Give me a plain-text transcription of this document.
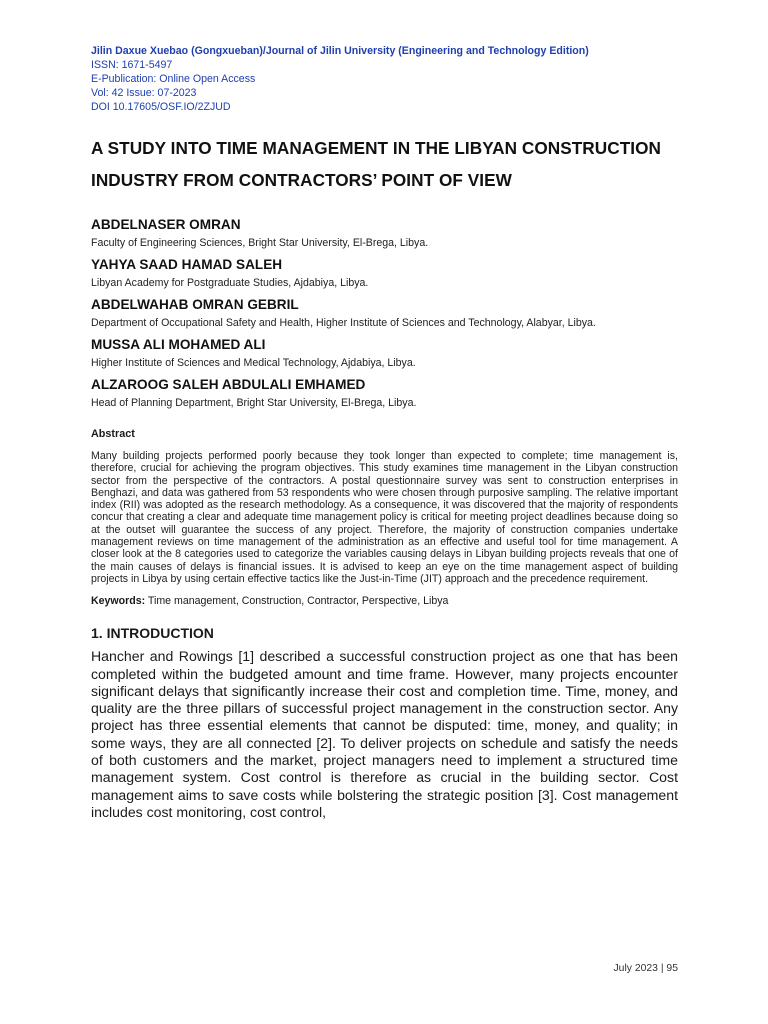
Jilin Daxue Xuebao (Gongxueban)/Journal of Jilin University (Engineering and Technology Edition)
ISSN: 1671-5497
E-Publication: Online Open Access
Vol: 42 Issue: 07-2023
DOI 10.17605/OSF.IO/2ZJUD
A STUDY INTO TIME MANAGEMENT IN THE LIBYAN CONSTRUCTION
INDUSTRY FROM CONTRACTORS’ POINT OF VIEW
ABDELNASER OMRAN
Faculty of Engineering Sciences, Bright Star University, El-Brega, Libya.
YAHYA SAAD HAMAD SALEH
Libyan Academy for Postgraduate Studies, Ajdabiya, Libya.
ABDELWAHAB OMRAN GEBRIL
Department of Occupational Safety and Health, Higher Institute of Sciences and Technology, Alabyar, Libya.
MUSSA ALI MOHAMED ALI
Higher Institute of Sciences and Medical Technology, Ajdabiya, Libya.
ALZAROOG SALEH ABDULALI EMHAMED
Head of Planning Department, Bright Star University, El-Brega, Libya.
Abstract
Many building projects performed poorly because they took longer than expected to complete; time management is, therefore, crucial for achieving the program objectives. This study examines time management in the Libyan construction sector from the perspective of the contractors. A postal questionnaire survey was sent to construction enterprises in Benghazi, and data was gathered from 53 respondents who were chosen through purposive sampling. The relative important index (RII) was adopted as the research methodology. As a consequence, it was discovered that the majority of respondents concur that creating a clear and adequate time management policy is critical for meeting project deadlines because doing so at the outset will guarantee the success of any project. Therefore, the majority of construction companies undertake management reviews on time management of the administration as an effective and useful tool for time management. A closer look at the 8 categories used to categorize the variables causing delays in Libyan building projects reveals that one of the main causes of delays is financial issues. It is advised to keep an eye on the time management aspect of building projects in Libya by using certain effective tactics like the Just-in-Time (JIT) approach and the precedence requirement.
Keywords: Time management, Construction, Contractor, Perspective, Libya
1. INTRODUCTION
Hancher and Rowings [1] described a successful construction project as one that has been completed within the budgeted amount and time frame. However, many projects encounter significant delays that significantly increase their cost and completion time. Time, money, and quality are the three pillars of successful project management in the construction sector. Any project has three essential elements that cannot be disputed: time, money, and quality; in some ways, they are all connected [2]. To deliver projects on schedule and satisfy the needs of both customers and the market, project managers need to implement a structured time management system. Cost control is therefore as crucial in the building sector. Cost management aims to save costs while bolstering the strategic position [3]. Cost management includes cost monitoring, cost control,
July 2023 | 95
